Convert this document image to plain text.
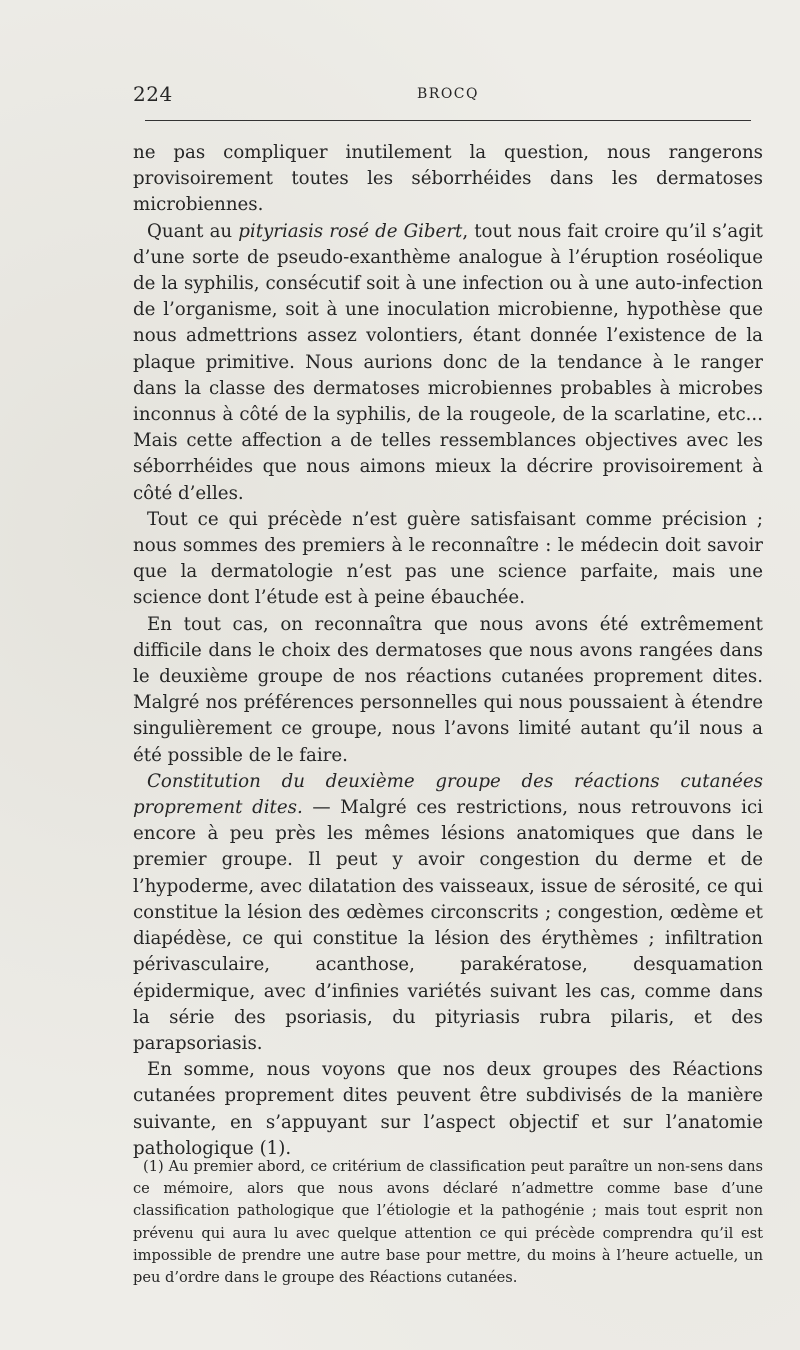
224	BROCQ

ne pas compliquer inutilement la question, nous rangerons provisoirement toutes les séborrhéides dans les dermatoses microbiennes.

Quant au pityriasis rosé de Gibert, tout nous fait croire qu’il s’agit d’une sorte de pseudo-exanthème analogue à l’éruption roséolique de la syphilis, consécutif soit à une infection ou à une auto-infection de l’organisme, soit à une inoculation microbienne, hypothèse que nous admettrions assez volontiers, étant donnée l’existence de la plaque primitive. Nous aurions donc de la tendance à le ranger dans la classe des dermatoses microbiennes probables à microbes inconnus à côté de la syphilis, de la rougeole, de la scarlatine, etc... Mais cette affection a de telles ressemblances objectives avec les séborrhéides que nous aimons mieux la décrire provisoirement à côté d’elles.

Tout ce qui précède n’est guère satisfaisant comme précision ; nous sommes des premiers à le reconnaître : le médecin doit savoir que la dermatologie n’est pas une science parfaite, mais une science dont l’étude est à peine ébauchée.

En tout cas, on reconnaîtra que nous avons été extrêmement difficile dans le choix des dermatoses que nous avons rangées dans le deuxième groupe de nos réactions cutanées proprement dites. Malgré nos préférences personnelles qui nous poussaient à étendre singulièrement ce groupe, nous l’avons limité autant qu’il nous a été possible de le faire.

Constitution du deuxième groupe des réactions cutanées proprement dites. — Malgré ces restrictions, nous retrouvons ici encore à peu près les mêmes lésions anatomiques que dans le premier groupe. Il peut y avoir congestion du derme et de l’hypoderme, avec dilatation des vaisseaux, issue de sérosité, ce qui constitue la lésion des œdèmes circonscrits ; congestion, œdème et diapédèse, ce qui constitue la lésion des érythèmes ; infiltration périvasculaire, acanthose, parakératose, desquamation épidermique, avec d’infinies variétés suivant les cas, comme dans la série des psoriasis, du pityriasis rubra pilaris, et des parapsoriasis.

En somme, nous voyons que nos deux groupes des Réactions cutanées proprement dites peuvent être subdivisés de la manière suivante, en s’appuyant sur l’aspect objectif et sur l’anatomie pathologique (1).

(1) Au premier abord, ce critérium de classification peut paraître un non-sens dans ce mémoire, alors que nous avons déclaré n’admettre comme base d’une classification pathologique que l’étiologie et la pathogénie ; mais tout esprit non prévenu qui aura lu avec quelque attention ce qui précède comprendra qu’il est impossible de prendre une autre base pour mettre, du moins à l’heure actuelle, un peu d’ordre dans le groupe des Réactions cutanées.
